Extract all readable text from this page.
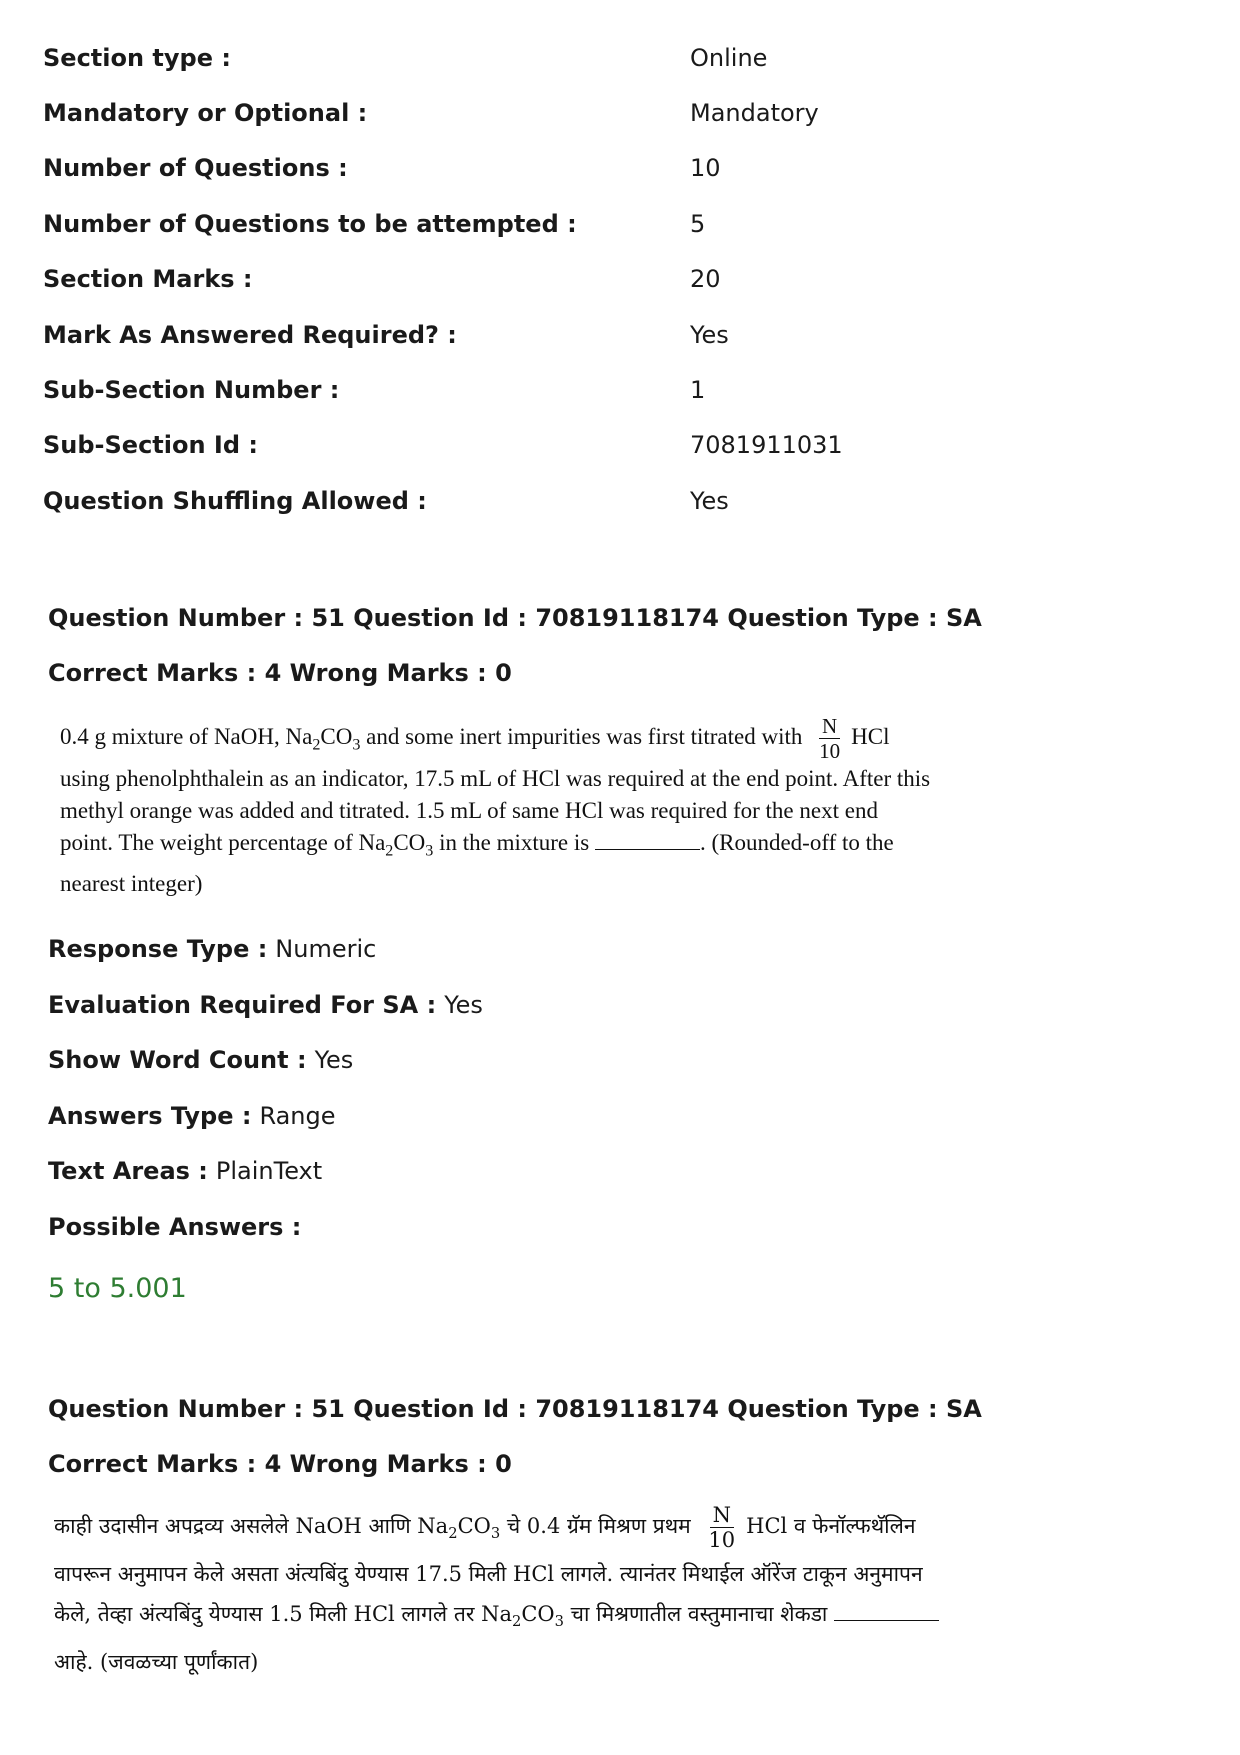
Section type :	Online
Mandatory or Optional :	Mandatory
Number of Questions :	10
Number of Questions to be attempted :	5
Section Marks :	20
Mark As Answered Required? :	Yes
Sub-Section Number :	1
Sub-Section Id :	7081911031
Question Shuffling Allowed :	Yes
Question Number : 51 Question Id : 70819118174 Question Type : SA
Correct Marks : 4 Wrong Marks : 0
0.4 g mixture of NaOH, $Na_2CO_3$ and some inert impurities was first titrated with $\frac{N}{10}$ HCl using phenolphthalein as an indicator, 17.5 mL of HCl was required at the end point. After this methyl orange was added and titrated. 1.5 mL of same HCl was required for the next end point. The weight percentage of $Na_2CO_3$ in the mixture is	. (Rounded-off to the nearest integer)
Response Type : Numeric
Evaluation Required For SA : Yes
Show Word Count : Yes
Answers Type : Range
Text Areas : PlainText
Possible Answers :
5 to 5.001
Question Number : 51 Question Id : 70819118174 Question Type : SA
Correct Marks : 4 Wrong Marks : 0
काही उदासीन अपद्रव्य असलेले NaOH आणि $Na_2CO_3$ चे 0.4 ग्रॅम मिश्रण प्रथम $\frac{N}{10}$ HCl व फेनॉल्फथॅलिन वापरून अनुमापन केले असता अंत्यबिंदु येण्यास 17.5 मिली HCl लागले. त्यानंतर मिथाईल ऑरेंज टाकून अनुमापन केले, तेव्हा अंत्यबिंदु येण्यास 1.5 मिली HCl लागले तर $Na_2CO_3$ चा मिश्रणातील वस्तुमानाचा शेकडा  आहे. (जवळच्या पूर्णांकात)
